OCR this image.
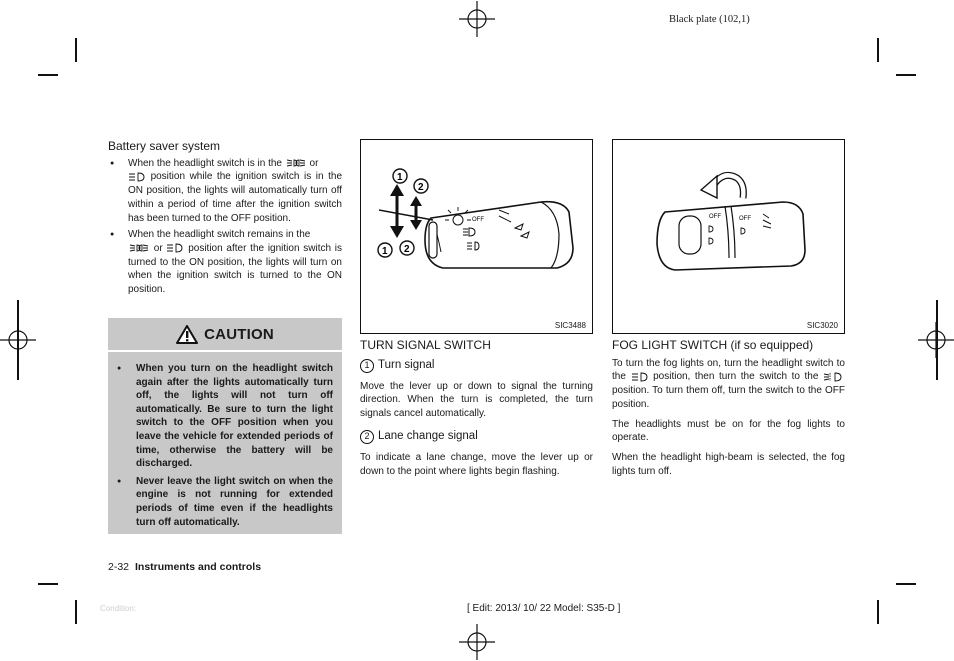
Black plate (102,1)
Battery saver system
● When the headlight switch is in the	or
position while the ignition switch is in the ON position, the lights will automatically turn off within a period of time after the ignition switch has been turned to the OFF position.
● When the headlight switch remains in the
or	position after the ignition switch is turned to the ON position, the lights will turn on when the ignition switch is turned to the ON position.
CAUTION
● When you turn on the headlight switch again after the lights automatically turn off, the lights will not turn off automatically. Be sure to turn the light switch to the OFF position when you leave the vehicle for extended periods of time, otherwise the battery will be discharged.
● Never leave the light switch on when the engine is not running for extended periods of time even if the headlights turn off automatically.
OFF
1
2
1 2
SIC3488
OFF	OFF
SIC3020
TURN SIGNAL SWITCH
1 Turn signal

Move the lever up or down to signal the turning direction. When the turn is completed, the turn signals cancel automatically.

2 Lane change signal

To indicate a lane change, move the lever up or down to the point where lights begin flashing.

FOG LIGHT SWITCH (if so equipped)

To turn the fog lights on, turn the headlight switch to the	position, then turn the switch to the  position. To turn them off, turn the switch to the OFF position.

The headlights must be on for the fog lights to operate.

When the headlight high-beam is selected, the fog lights turn off.

2-32 Instruments and controls
Condition:	[ Edit: 2013/ 10/ 22 Model: S35-D ]
